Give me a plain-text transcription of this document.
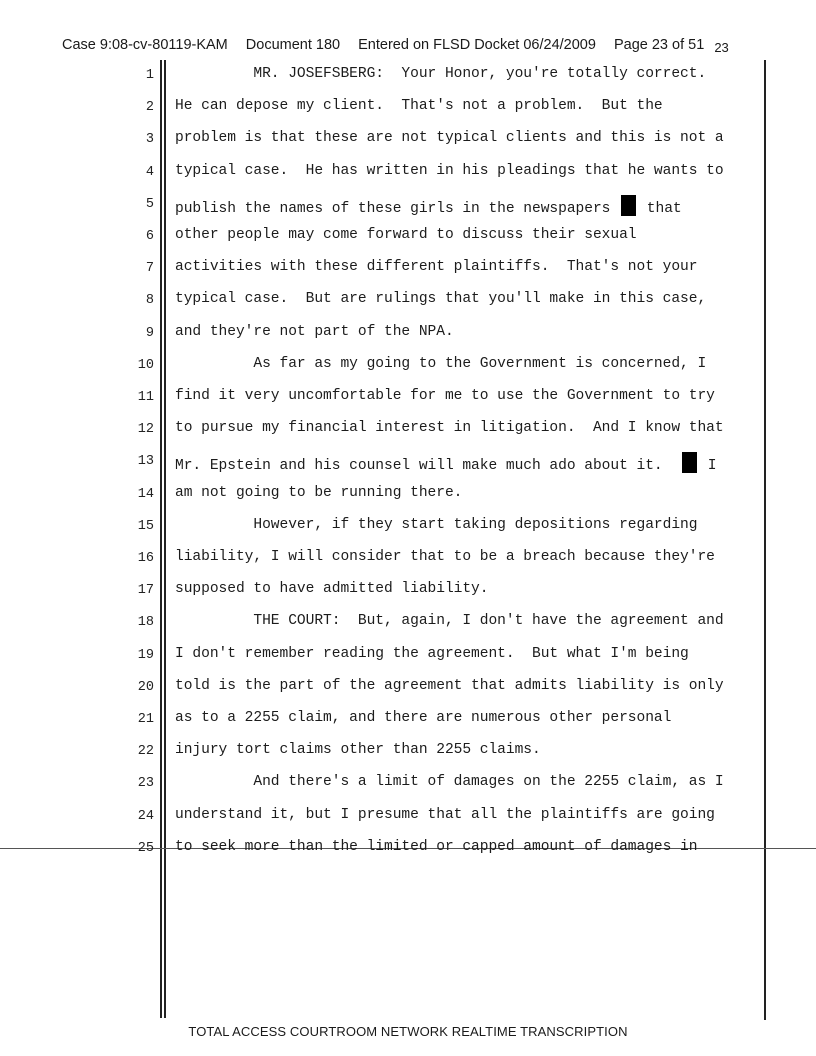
Case 9:08-cv-80119-KAM Document 180 Entered on FLSD Docket 06/24/2009 Page 23 of 51 23
1 MR. JOSEFSBERG:  Your Honor, you're totally correct.
2 He can depose my client.  That's not a problem.  But the
3 problem is that these are not typical clients and this is not a
4 typical case.  He has written in his pleadings that he wants to
5 publish the names of these girls in the newspapers  that
6 other people may come forward to discuss their sexual
7 activities with these different plaintiffs.  That's not your
8 typical case.  But are rulings that you'll make in this case,
9 and they're not part of the NPA.
10 As far as my going to the Government is concerned, I
11 find it very uncomfortable for me to use the Government to try
12 to pursue my financial interest in litigation.  And I know that
13 Mr. Epstein and his counsel will make much ado about it.   I
14 am not going to be running there.
15 However, if they start taking depositions regarding
16 liability, I will consider that to be a breach because they're
17 supposed to have admitted liability.
18 THE COURT:  But, again, I don't have the agreement and
19 I don't remember reading the agreement.  But what I'm being
20 told is the part of the agreement that admits liability is only
21 as to a 2255 claim, and there are numerous other personal
22 injury tort claims other than 2255 claims.
23 And there's a limit of damages on the 2255 claim, as I
24 understand it, but I presume that all the plaintiffs are going
25 to seek more than the limited or capped amount of damages in
TOTAL ACCESS COURTROOM NETWORK REALTIME TRANSCRIPTION
